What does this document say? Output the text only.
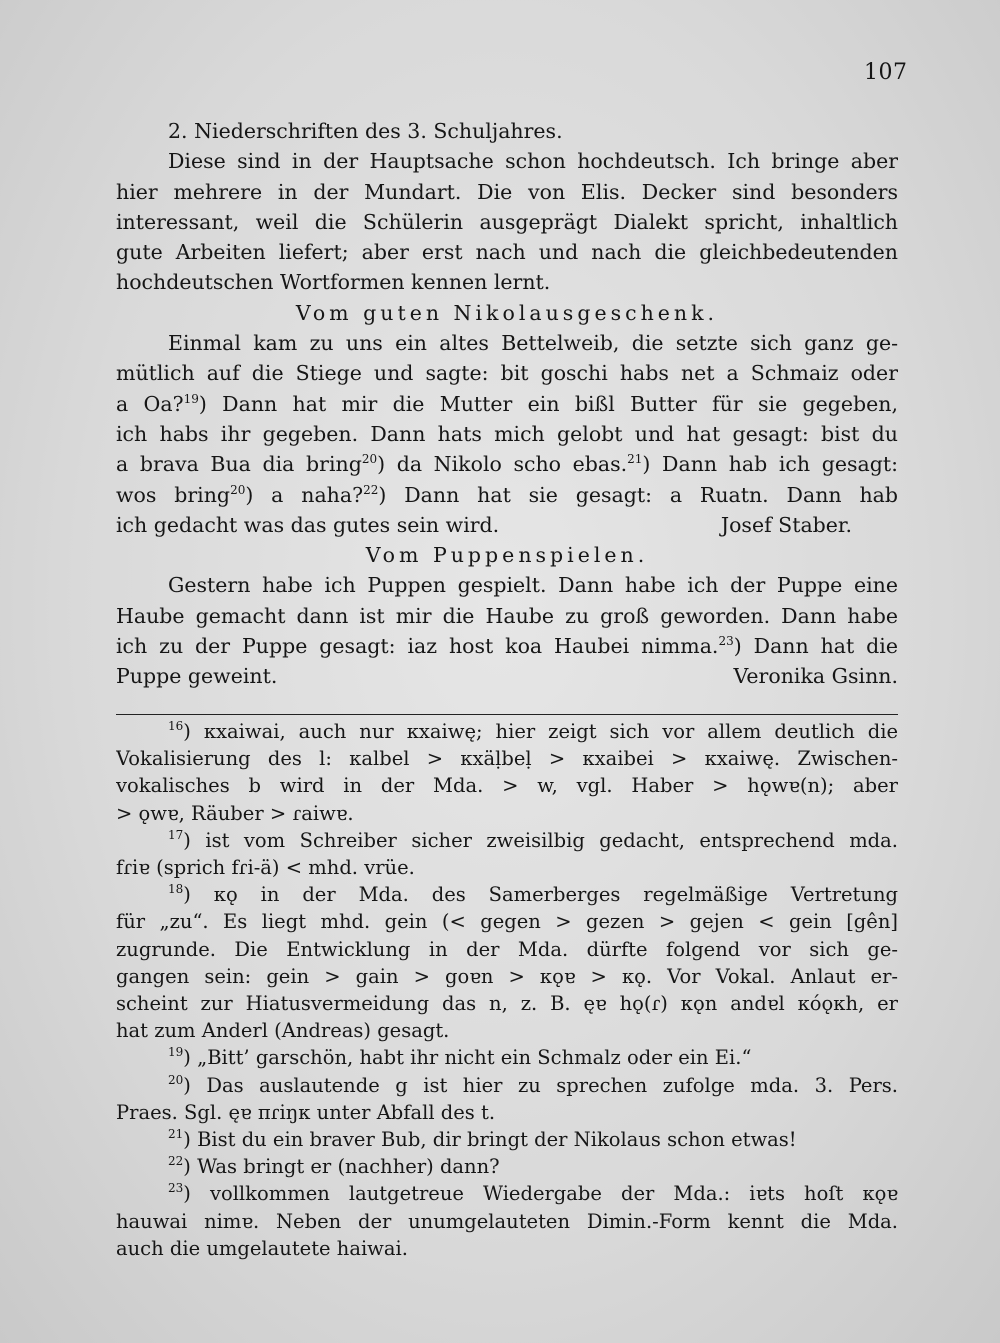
107
2. Niederschriften des 3. Schuljahres.
Diese sind in der Hauptsache schon hochdeutsch. Ich bringe aber
hier mehrere in der Mundart. Die von Elis. Decker sind besonders
interessant, weil die Schülerin ausgeprägt Dialekt spricht, inhaltlich
gute Arbeiten liefert; aber erst nach und nach die gleichbedeutenden
hochdeutschen Wortformen kennen lernt.
Vom guten Nikolausgeschenk.
Einmal kam zu uns ein altes Bettelweib, die setzte sich ganz ge-
mütlich auf die Stiege und sagte: bit goschi habs net a Schmaiz oder
a Oa?$^{19}$) Dann hat mir die Mutter ein bißl Butter für sie gegeben,
ich habs ihr gegeben. Dann hats mich gelobt und hat gesagt: bist du
a brava Bua dia bring$^{20}$) da Nikolo scho ebas.$^{21}$) Dann hab ich gesagt:
wos bring$^{20}$) a naha?$^{22}$) Dann hat sie gesagt: a Ruatn. Dann hab
ich gedacht was das gutes sein wird.	Josef Staber.
Vom Puppenspielen.
Gestern habe ich Puppen gespielt. Dann habe ich der Puppe eine
Haube gemacht dann ist mir die Haube zu groß geworden. Dann habe
ich zu der Puppe gesagt: iaz host koa Haubei nimma.$^{23}$) Dann hat die
Puppe geweint.	Veronika Gsinn.
$^{16}$) κxaiwai, auch nur κxaiwę; hier zeigt sich vor allem deutlich die
Vokalisierung des l: κalbel > κxäḷbeḷ > κxaibei > κxaiwę. Zwischen-
vokalisches b wird in der Mda. > w, vgl. Haber > hǫwɐ(n); aber
> ǫwɐ, Räuber > ɾaiwɐ.
$^{17}$) ist vom Schreiber sicher zweisilbig gedacht, entsprechend mda.
fɾiɐ (sprich fɾi-ä) < mhd. vrüe.
$^{18}$) κǫ in der Mda. des Samerberges regelmäßige Vertretung
für „zu“. Es liegt mhd. gein (< gegen > gezen > gejen < gein [gên]
zugrunde. Die Entwicklung in der Mda. dürfte folgend vor sich ge-
gangen sein: gein > gain > goɐn > κǫɐ > κǫ. Vor Vokal. Anlaut er-
scheint zur Hiatusvermeidung das n, z. B. ęɐ hǫ(ɾ) κǫn andɐl κóǫκh, er
hat zum Anderl (Andreas) gesagt.
$^{19}$) „Bitt’ garschön, habt ihr nicht ein Schmalz oder ein Ei.“
$^{20}$) Das auslautende g ist hier zu sprechen zufolge mda. 3. Pers.
Praes. Sgl. ęɐ πɾiŋκ unter Abfall des t.
$^{21}$) Bist du ein braver Bub, dir bringt der Nikolaus schon etwas!
$^{22}$) Was bringt er (nachher) dann?
$^{23}$) vollkommen lautgetreue Wiedergabe der Mda.: iɐts hoſt κǫɐ
hauwai nimɐ. Neben der unumgelauteten Dimin.-Form kennt die Mda.
auch die umgelautete haiwai.
